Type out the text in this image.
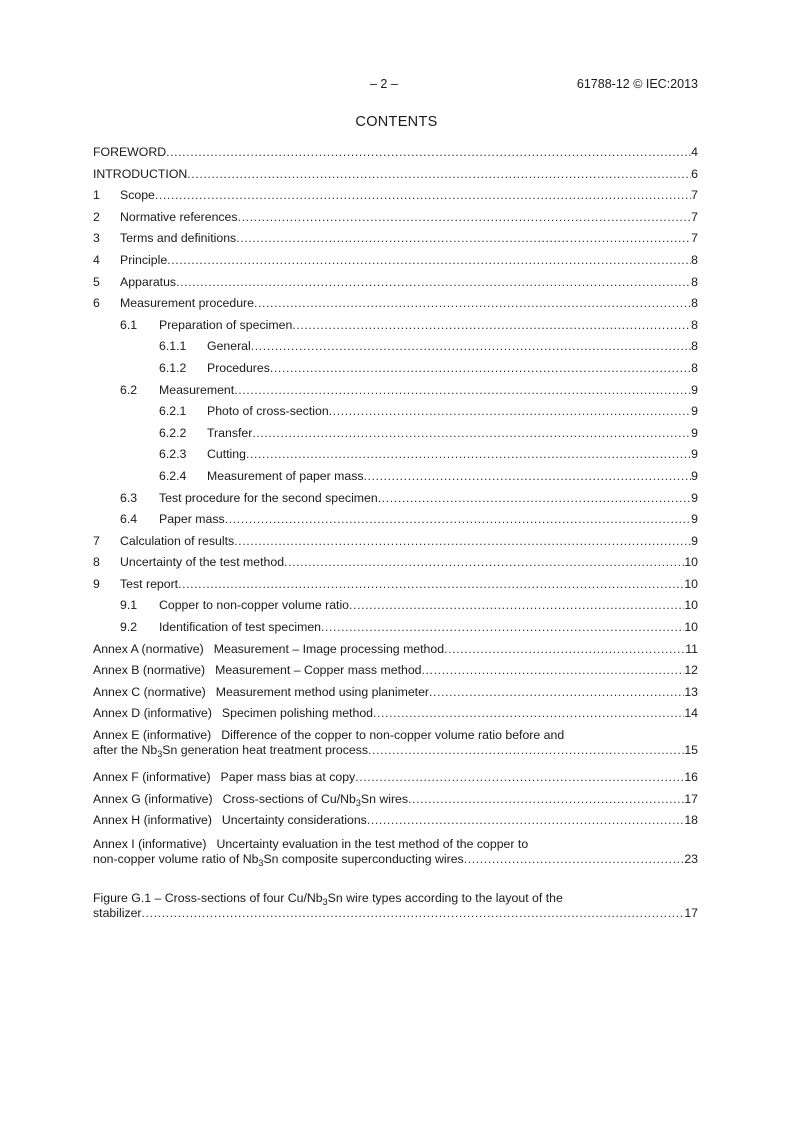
– 2 –	61788-12 © IEC:2013
CONTENTS
FOREWORD .....	4
INTRODUCTION .....	6
1	Scope .....	7
2	Normative references .....	7
3	Terms and definitions .....	7
4	Principle .....	8
5	Apparatus .....	8
6	Measurement procedure .....	8
6.1	Preparation of specimen .....	8
6.1.1	General .....	8
6.1.2	Procedures .....	8
6.2	Measurement .....	9
6.2.1	Photo of cross-section .....	9
6.2.2	Transfer .....	9
6.2.3	Cutting .....	9
6.2.4	Measurement of paper mass .....	9
6.3	Test procedure for the second specimen .....	9
6.4	Paper mass .....	9
7	Calculation of results .....	9
8	Uncertainty of the test method .....	10
9	Test report .....	10
9.1	Copper to non-copper volume ratio .....	10
9.2	Identification of test specimen .....	10
Annex A (normative) Measurement – Image processing method .....	11
Annex B (normative) Measurement – Copper mass method .....	12
Annex C (normative) Measurement method using planimeter .....	13
Annex D (informative) Specimen polishing method .....	14
Annex E (informative) Difference of the copper to non-copper volume ratio before and
after the $Nb_3Sn$ generation heat treatment process .....	15
Annex F (informative) Paper mass bias at copy .....	16
Annex G (informative) Cross-sections of $Cu/Nb_3Sn$ wires .....	17
Annex H (informative) Uncertainty considerations .....	18
Annex I (informative) Uncertainty evaluation in the test method of the copper to
non-copper volume ratio of $Nb_3Sn$ composite superconducting wires .....	23
Figure G.1 – Cross-sections of four $Cu/Nb_3Sn$ wire types according to the layout of the
stabilizer .....	17
